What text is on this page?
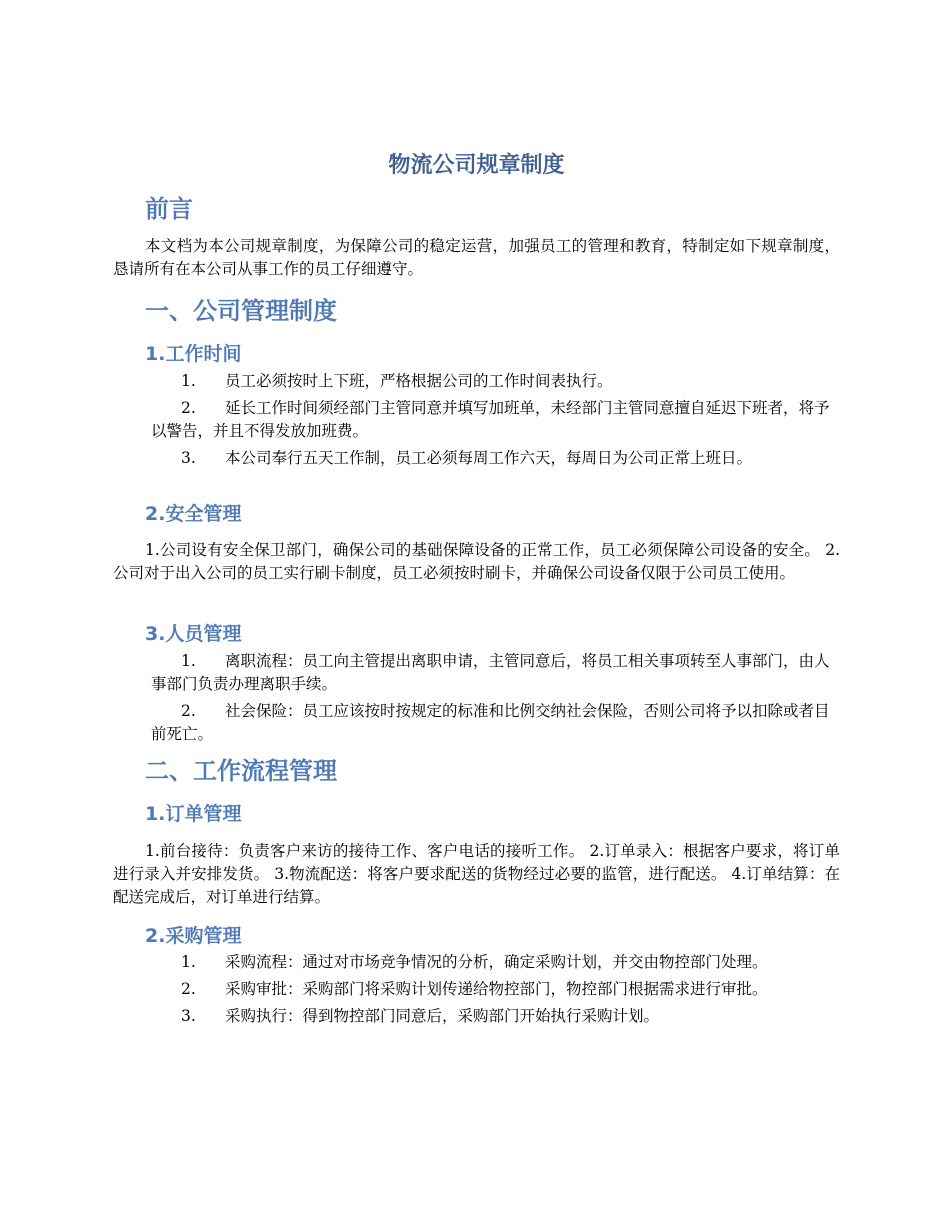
物流公司规章制度
前言

本文档为本公司规章制度，为保障公司的稳定运营，加强员工的管理和教育，特制定如下规章制度，恳请所有在本公司从事工作的员工仔细遵守。

一、公司管理制度
1.工作时间
1. 员工必须按时上下班，严格根据公司的工作时间表执行。
2. 延长工作时间须经部门主管同意并填写加班单，未经部门主管同意擅自延迟下班者，将予以警告，并且不得发放加班费。
3. 本公司奉行五天工作制，员工必须每周工作六天，每周日为公司正常上班日。
2.安全管理

1.公司设有安全保卫部门，确保公司的基础保障设备的正常工作，员工必须保障公司设备的安全。 2.公司对于出入公司的员工实行刷卡制度，员工必须按时刷卡，并确保公司设备仅限于公司员工使用。

3.人员管理
1. 离职流程：员工向主管提出离职申请，主管同意后，将员工相关事项转至人事部门，由人事部门负责办理离职手续。
2. 社会保险：员工应该按时按规定的标准和比例交纳社会保险，否则公司将予以扣除或者目前死亡。
二、工作流程管理
1.订单管理

1.前台接待：负责客户来访的接待工作、客户电话的接听工作。 2.订单录入：根据客户要求，将订单进行录入并安排发货。 3.物流配送：将客户要求配送的货物经过必要的监管，进行配送。 4.订单结算：在配送完成后，对订单进行结算。

2.采购管理
1. 采购流程：通过对市场竞争情况的分析，确定采购计划，并交由物控部门处理。
2. 采购审批：采购部门将采购计划传递给物控部门，物控部门根据需求进行审批。
3. 采购执行：得到物控部门同意后，采购部门开始执行采购计划。
